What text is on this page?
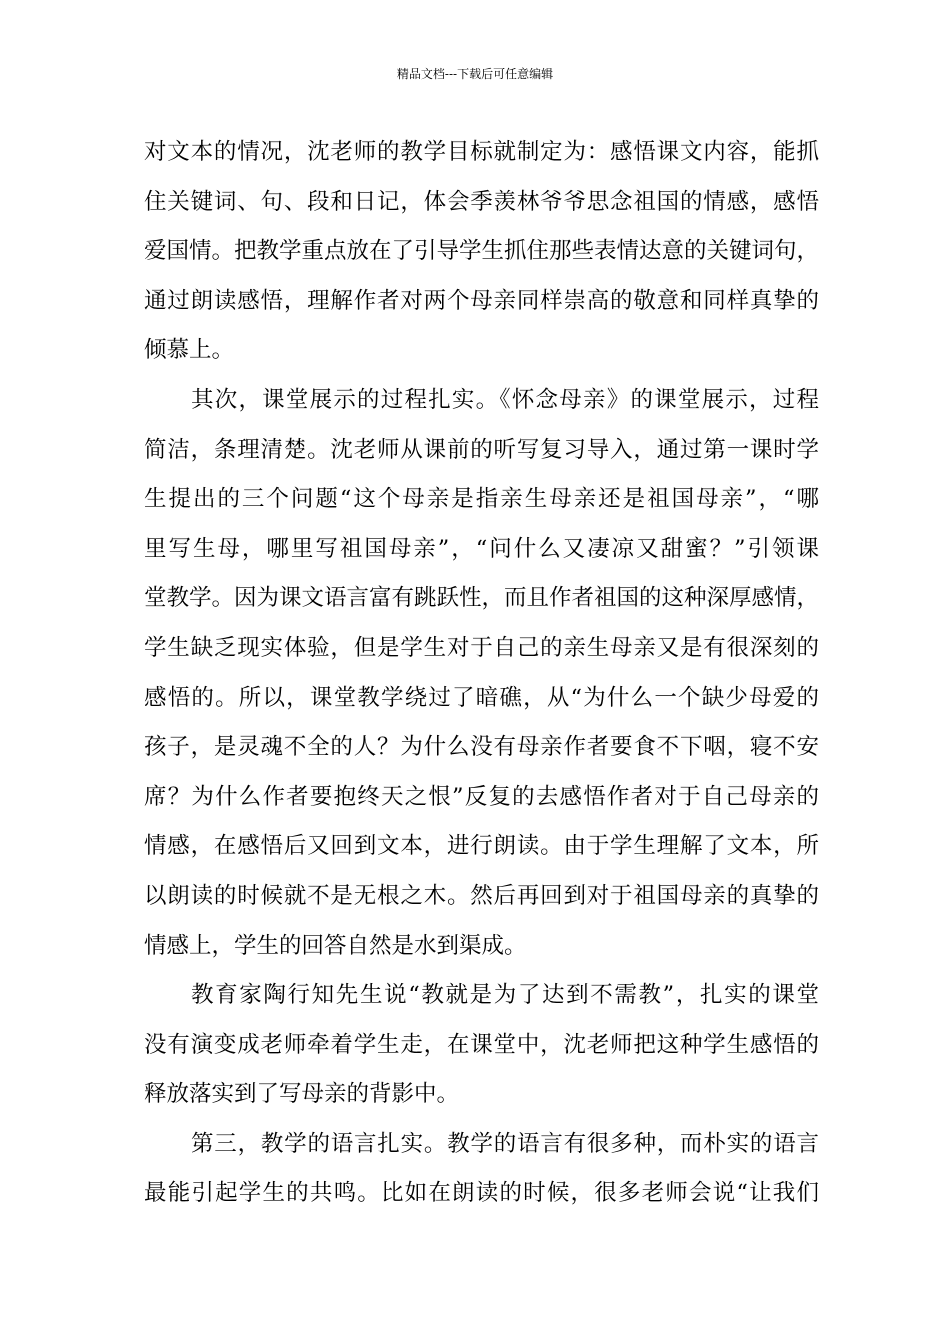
精品文档---下载后可任意编辑
对文本的情况，沈老师的教学目标就制定为：感悟课文内容，能抓
住关键词、句、段和日记，体会季羡林爷爷思念祖国的情感，感悟
爱国情。把教学重点放在了引导学生抓住那些表情达意的关键词句，
通过朗读感悟，理解作者对两个母亲同样崇高的敬意和同样真挚的
倾慕上。
其次，课堂展示的过程扎实。《怀念母亲》的课堂展示，过程
简洁，条理清楚。沈老师从课前的听写复习导入，通过第一课时学
生提出的三个问题“这个母亲是指亲生母亲还是祖国母亲”，“哪
里写生母，哪里写祖国母亲”，“问什么又凄凉又甜蜜？”引领课
堂教学。因为课文语言富有跳跃性，而且作者祖国的这种深厚感情，
学生缺乏现实体验，但是学生对于自己的亲生母亲又是有很深刻的
感悟的。所以，课堂教学绕过了暗礁，从“为什么一个缺少母爱的
孩子，是灵魂不全的人？为什么没有母亲作者要食不下咽，寝不安
席？为什么作者要抱终天之恨”反复的去感悟作者对于自己母亲的
情感，在感悟后又回到文本，进行朗读。由于学生理解了文本，所
以朗读的时候就不是无根之木。然后再回到对于祖国母亲的真挚的
情感上，学生的回答自然是水到渠成。
教育家陶行知先生说“教就是为了达到不需教”，扎实的课堂
没有演变成老师牵着学生走，在课堂中，沈老师把这种学生感悟的
释放落实到了写母亲的背影中。
第三，教学的语言扎实。教学的语言有很多种，而朴实的语言
最能引起学生的共鸣。比如在朗读的时候，很多老师会说“让我们
